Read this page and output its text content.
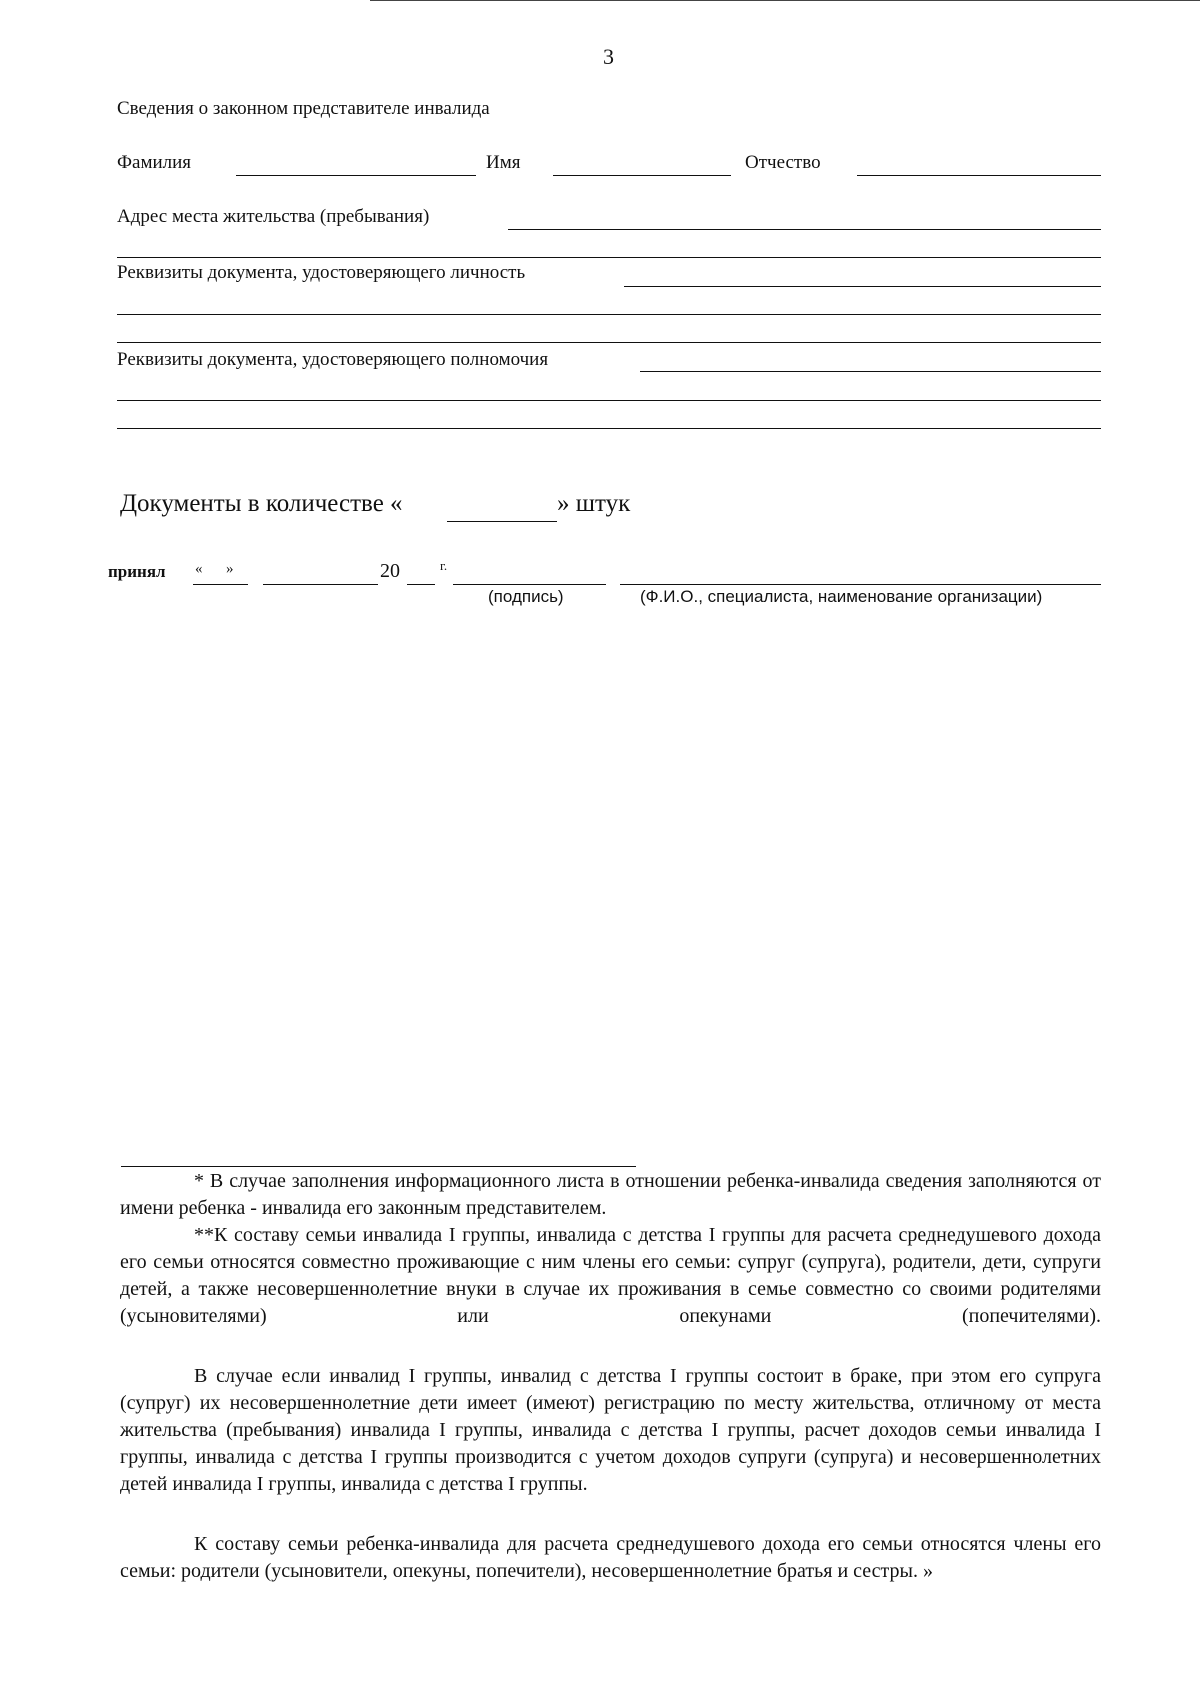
3
Сведения о законном представителе инвалида
Фамилия	Имя	Отчество
Адрес места жительства (пребывания)
Реквизиты документа, удостоверяющего личность
Реквизиты документа, удостоверяющего полномочия
Документы в количестве «	» штук
принял « »	20	г.
(подпись)	(Ф.И.О., специалиста, наименование организации)

* В случае заполнения информационного листа в отношении ребенка-инвалида сведения заполняются от имени ребенка - инвалида его законным представителем.

**К составу семьи инвалида I группы, инвалида с детства I группы для расчета среднедушевого дохода его семьи относятся совместно проживающие с ним члены его семьи: супруг (супруга), родители, дети, супруги детей, а также несовершеннолетние внуки в случае их проживания в семье совместно со своими родителями (усыновителями) или опекунами (попечителями).

В случае если инвалид I группы, инвалид с детства I группы состоит в браке, при этом его супруга (супруг) их несовершеннолетние дети имеет (имеют) регистрацию по месту жительства, отличному от места жительства (пребывания) инвалида I группы, инвалида с детства I группы, расчет доходов семьи инвалида I группы, инвалида с детства I группы производится с учетом доходов супруги (супруга) и несовершеннолетних детей инвалида I группы, инвалида с детства I группы.

К составу семьи ребенка-инвалида для расчета среднедушевого дохода его семьи относятся члены его семьи: родители (усыновители, опекуны, попечители), несовершеннолетние братья и сестры. »
